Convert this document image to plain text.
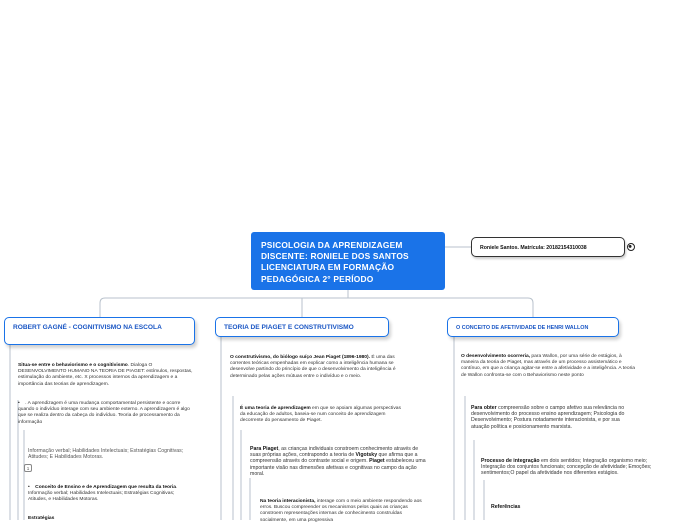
PSICOLOGIA DA APRENDIZAGEM
DISCENTE: RONIELE DOS SANTOS
LICENCIATURA EM FORMAÇÃO
PEDAGÓGICA 2° PERÍODO
Roniele Santos. Matrícula: 20182154310038
ROBERT GAGNÉ - COGNITIVISMO NA ESCOLA
Situa-se entre o behaviorismo e o cognitivismo. Dialoga O DESENVOLVIMENTO HUMANO NA TEORIA DE PIAGET: estímulos, respostas, estimulação do ambiente, etc. X processos internos da aprendizagem e a importância das teorias de aprendizagem.
• . A aprendizagem é uma mudança comportamental persistente e ocorre quando o indivíduo interage com seu ambiente externo. A aprendizagem é algo que se realiza dentro da cabeça do indivíduo. Teoria de processamento da informação
Informação verbal; Habilidades Intelectuais; Estratégias Cognitivas; Atitudes; E Habilidades Motoras.
1
• Conceito de Ensino e de Aprendizagem que resulta da teoria. Informação verbal; Habilidades Intelectuais; Estratégias Cognitivas; Atitudes, e Habilidades Motoras.
Estratégias
TEORIA DE PIAGET E CONSTRUTIVISMO
O construtivismo, do biólogo suíço Jean Piaget (1896-1980). É uma das correntes teóricas empenhadas em explicar como a inteligência humana se desenvolve partindo do princípio de que o desenvolvimento da inteligência é determinado pelas ações mútuas entre o indivíduo e o meio.
É uma teoria de aprendizagem em que se apoiam algumas perspectivas da educação de adultos, baseia-se num conceito de aprendizagem decorrente do pensamento de Piaget.
Para Piaget, as crianças individuais constroem conhecimento através de suas próprias ações, contrapondo a teoria de Vigotsky que afirma que a compreensão através do contraste social e origem. Piaget estabeleceu uma importante visão nas dimensões afetivas e cognitivas no campo da ação moral.
Na teoria interacionista, interage com o meio ambiente respondendo aos erros. Buscou compreender os mecanismos pelos quais as crianças constroem representações internas de conhecimento construídas socialmente, em uma progressiva
O CONCEITO DE AFETIVIDADE DE HENRI WALLON
O desenvolvimento ocorreria, para Wallon, por uma série de estágios, à maneira da teoria de Piaget, mas através de um processo assistemático e contínuo, em que a criança agitar-se entre a afetividade e a inteligência. A teoria de Wallon confronta-se com o Behaviorismo neste ponto
Para obter compreensão sobre o campo afetivo sua relevância no desenvolvimento do processo ensino aprendizagem; Psicologia do Desenvolvimento; Postura notadamente interacionista, e por sua atuação política e posicionamento marxista.
Processo de integração em dois sentidos; Integração organismo meio; Integração dos conjuntos funcionais; concepção de afetividade; Emoções; sentimentos;O papel da afetividade nos diferentes estágios.
Referências
